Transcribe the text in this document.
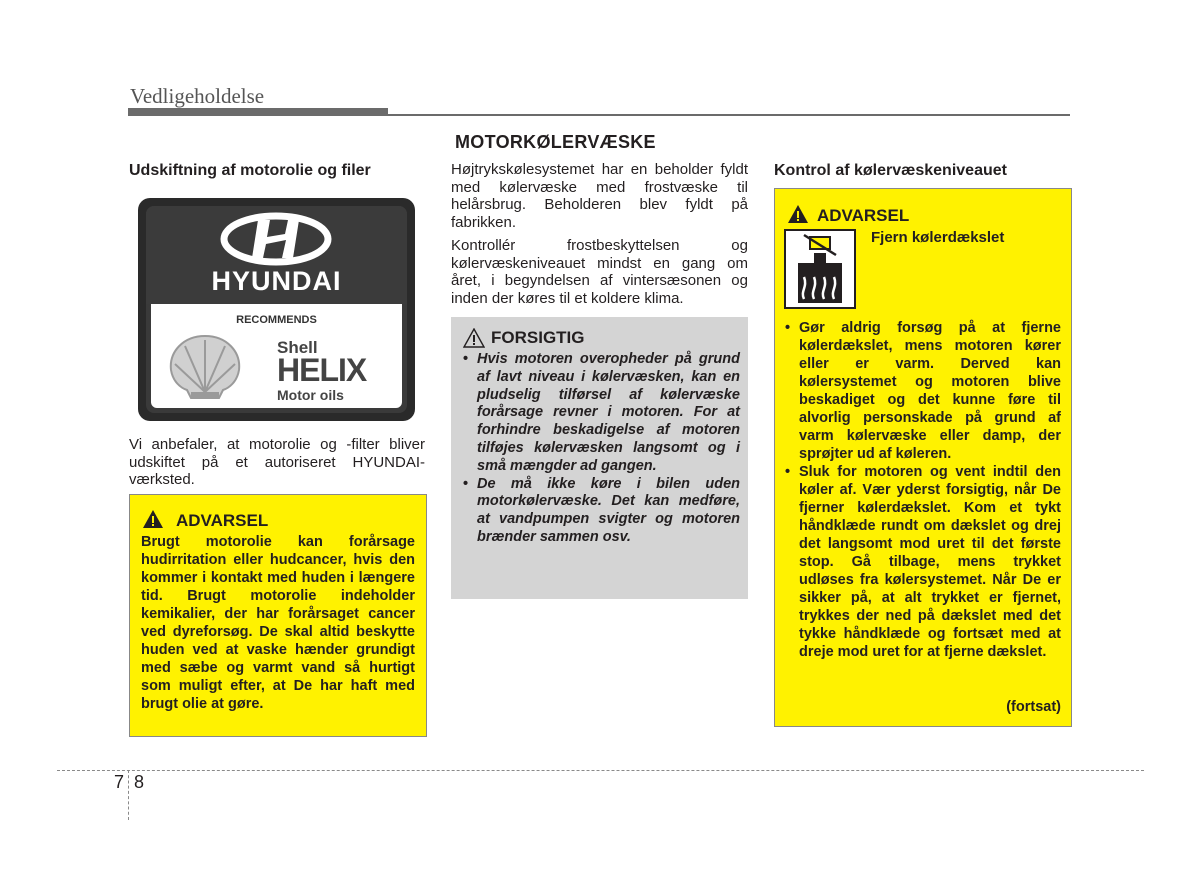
Vedligeholdelse
MOTORKØLERVÆSKE
Udskiftning af motorolie og filer
HYUNDAI
RECOMMENDS
Shell
HELIX
Motor oils
Vi anbefaler, at motorolie og -filter bliver udskiftet på et autoriseret HYUNDAI-værksted.
ADVARSEL
Brugt motorolie kan forårsage hudirritation eller hudcancer, hvis den kommer i kontakt med huden i længere tid. Brugt motorolie indeholder kemikalier, der har forårsaget cancer ved dyreforsøg. De skal altid beskytte huden ved at vaske hænder grundigt med sæbe og varmt vand så hurtigt som muligt efter, at De har haft med brugt olie at gøre.
Højtrykskølesystemet har en beholder fyldt med kølervæske med frostvæske til helårsbrug. Beholderen blev fyldt på fabrikken.
Kontrollér frostbeskyttelsen og kølervæskeniveauet mindst en gang om året, i begyndelsen af vintersæsonen og inden der køres til et koldere klima.
FORSIGTIG
• Hvis motoren overopheder på grund af lavt niveau i kølervæsken, kan en pludselig tilførsel af kølervæske forårsage revner i motoren. For at forhindre beskadigelse af motoren tilføjes kølervæsken langsomt og i små mængder ad gangen.
• De må ikke køre i bilen uden motorkølervæske. Det kan medføre, at vandpumpen svigter og motoren brænder sammen osv.
Kontrol af kølervæskeniveauet
ADVARSEL
Fjern kølerdækslet
• Gør aldrig forsøg på at fjerne kølerdækslet, mens motoren kører eller er varm. Derved kan kølersystemet og motoren blive beskadiget og det kunne føre til alvorlig personskade på grund af varm kølervæske eller damp, der sprøjter ud af køleren.
• Sluk for motoren og vent indtil den køler af. Vær yderst forsigtig, når De fjerner kølerdækslet. Kom et tykt håndklæde rundt om dækslet og drej det langsomt mod uret til det første stop. Gå tilbage, mens trykket udløses fra kølersystemet. Når De er sikker på, at alt trykket er fjernet, trykkes der ned på dækslet med det tykke håndklæde og fortsæt med at dreje mod uret for at fjerne dækslet.
(fortsat)
7 8
